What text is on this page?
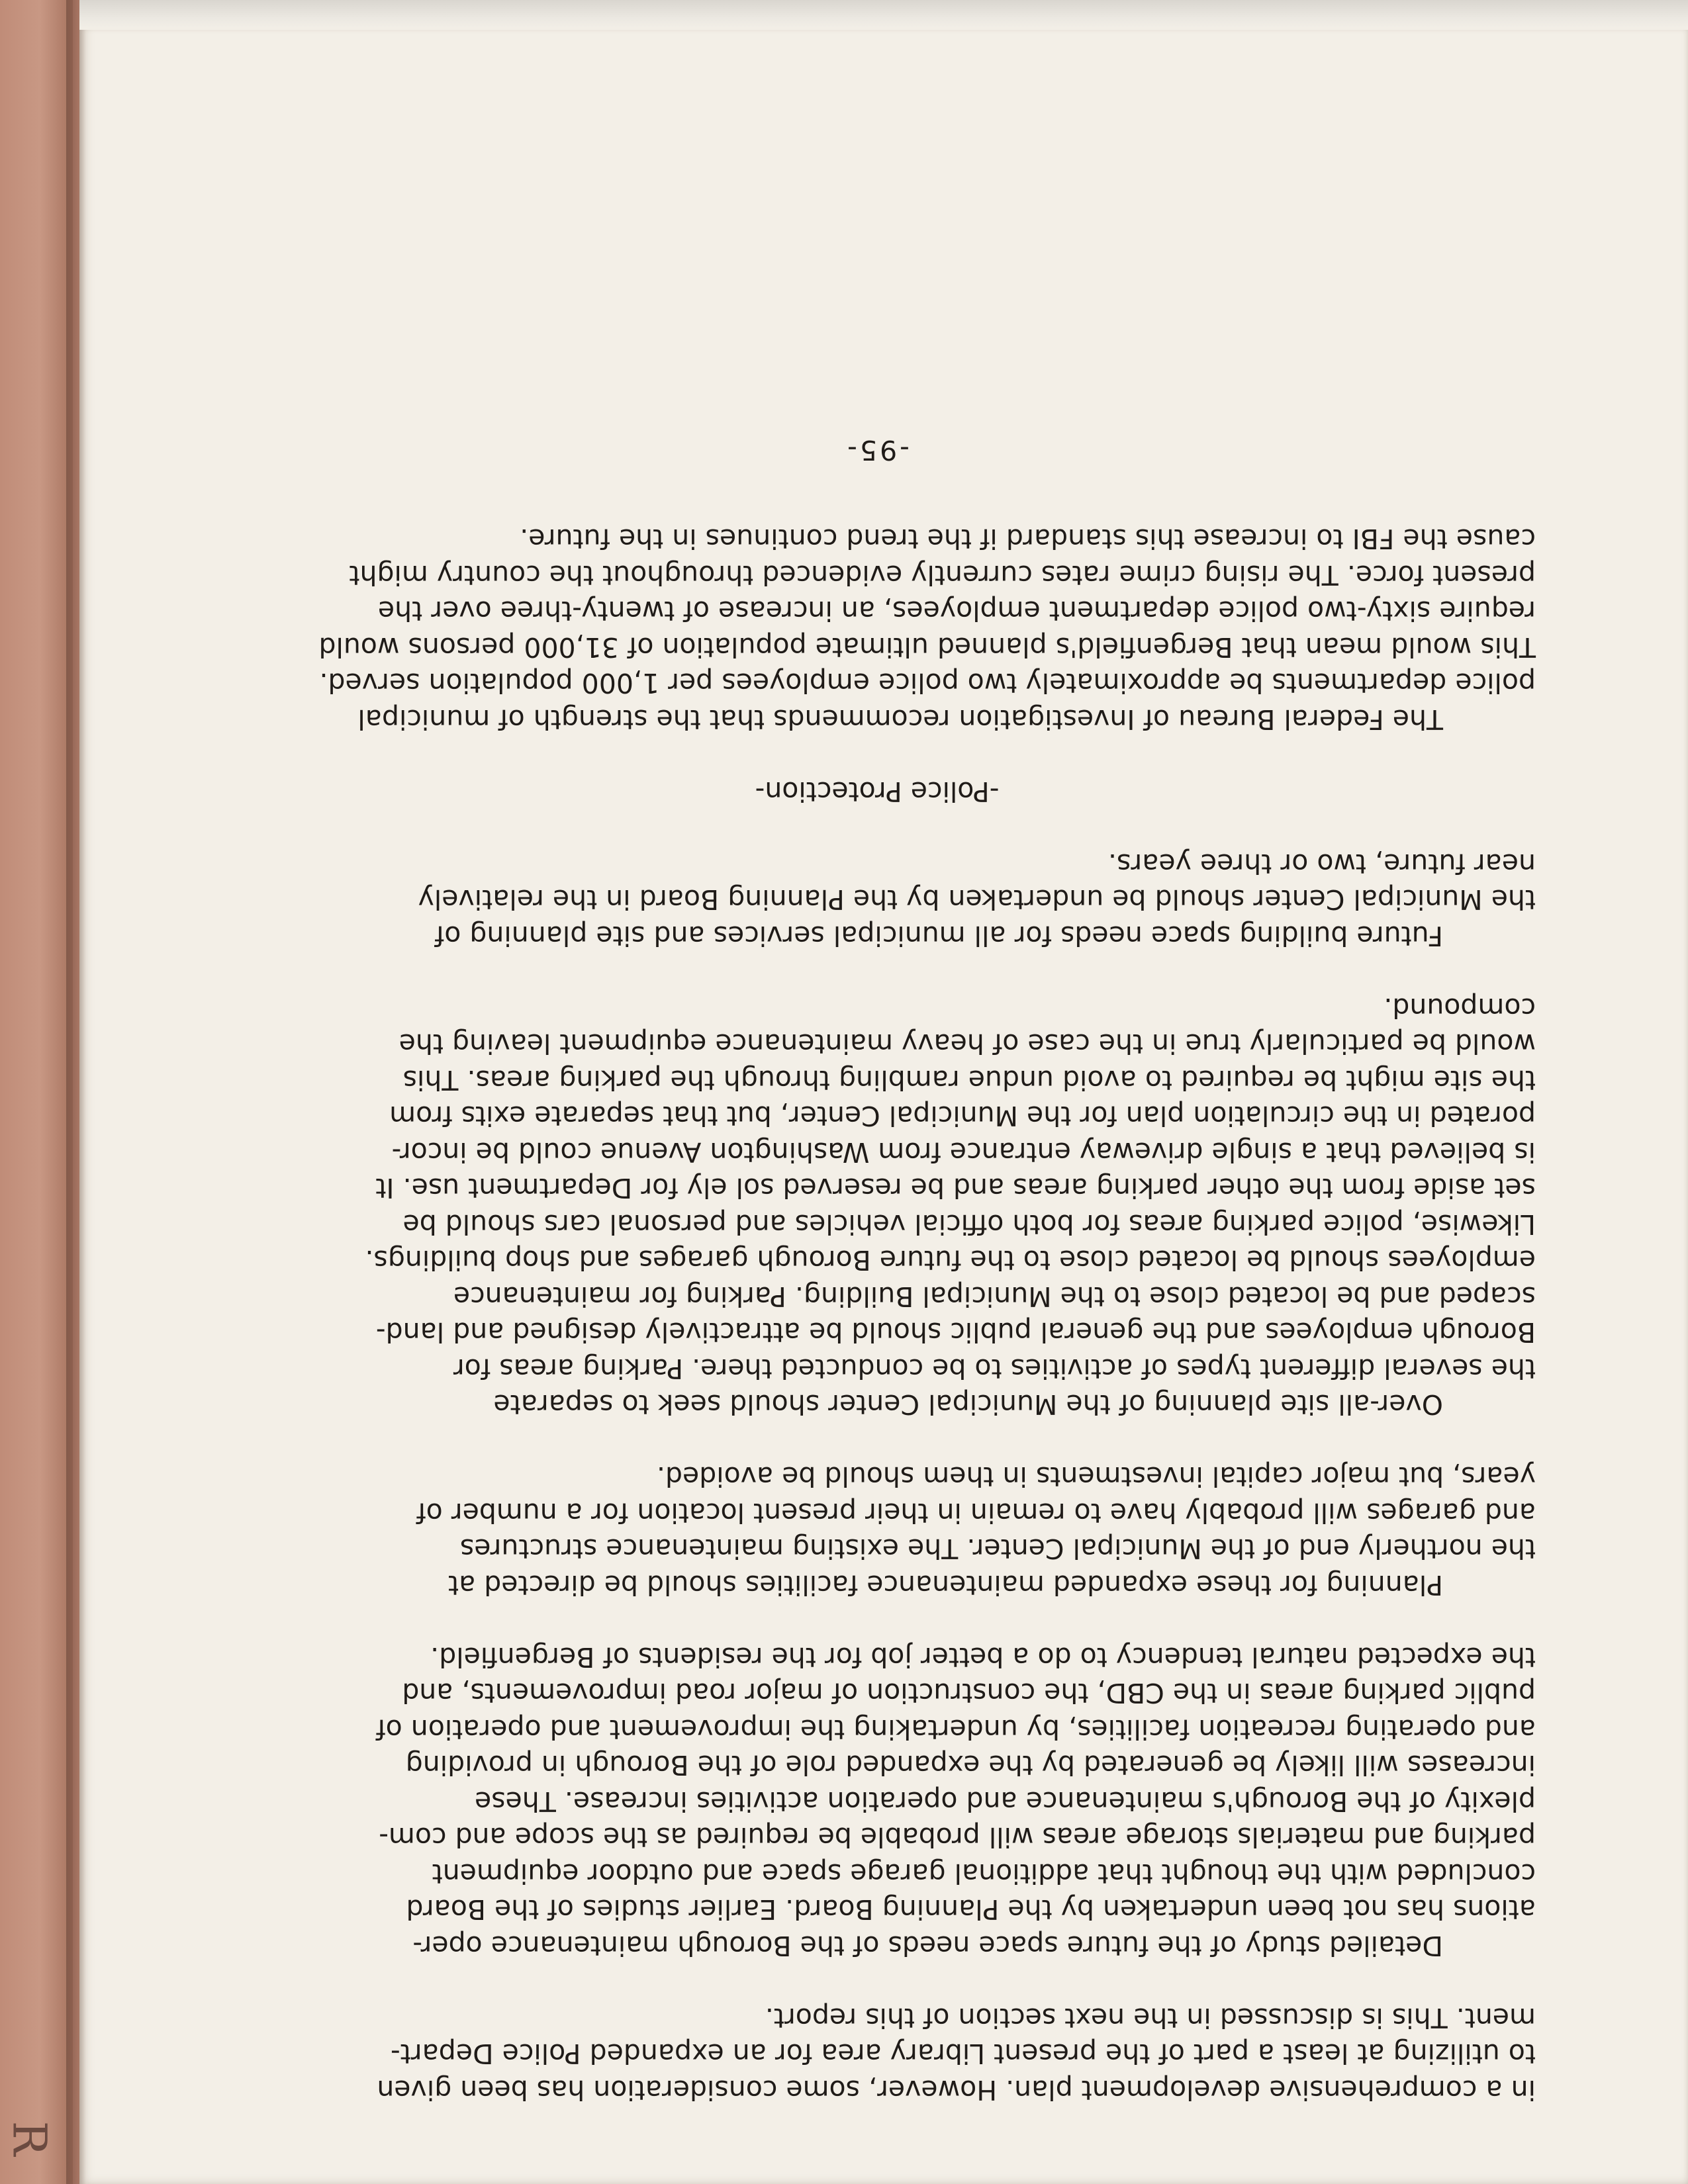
R
in a comprehensive development plan. However, some consideration has been given
to utilizing at least a part of the present Library area for an expanded Police Depart-
ment. This is discussed in the next section of this report.
Detailed study of the future space needs of the Borough maintenance oper-
ations has not been undertaken by the Planning Board. Earlier studies of the Board
concluded with the thought that additional garage space and outdoor equipment
parking and materials storage areas will probable be required as the scope and com-
plexity of the Borough's maintenance and operation activities increase. These
increases will likely be generated by the expanded role of the Borough in providing
and operating recreation facilities, by undertaking the improvement and operation of
public parking areas in the CBD, the construction of major road improvements, and
the expected natural tendency to do a better job for the residents of Bergenfield.
Planning for these expanded maintenance facilities should be directed at
the northerly end of the Municipal Center. The existing maintenance structures
and garages will probably have to remain in their present location for a number of
years, but major capital investments in them should be avoided.
Over-all site planning of the Municipal Center should seek to separate
the several different types of activities to be conducted there. Parking areas for
Borough employees and the general public should be attractively designed and land-
scaped and be located close to the Municipal Building. Parking for maintenance
employees should be located close to the future Borough garages and shop buildings.
Likewise, police parking areas for both official vehicles and personal cars should be
set aside from the other parking areas and be reserved sol ely for Department use. It
is believed that a single driveway entrance from Washington Avenue could be incor-
porated in the circulation plan for the Municipal Center, but that separate exits from
the site might be required to avoid undue rambling through the parking areas. This
would be particularly true in the case of heavy maintenance equipment leaving the
compound.
Future building space needs for all municipal services and site planning of
the Municipal Center should be undertaken by the Planning Board in the relatively
near future, two or three years.
-Police Protection-
The Federal Bureau of Investigation recommends that the strength of municipal
police departments be approximately two police employees per 1,000 population served.
This would mean that Bergenfield's planned ultimate population of 31,000 persons would
require sixty-two police department employees, an increase of twenty-three over the
present force. The rising crime rates currently evidenced throughout the country might
cause the FBI to increase this standard if the trend continues in the future.
-95-
